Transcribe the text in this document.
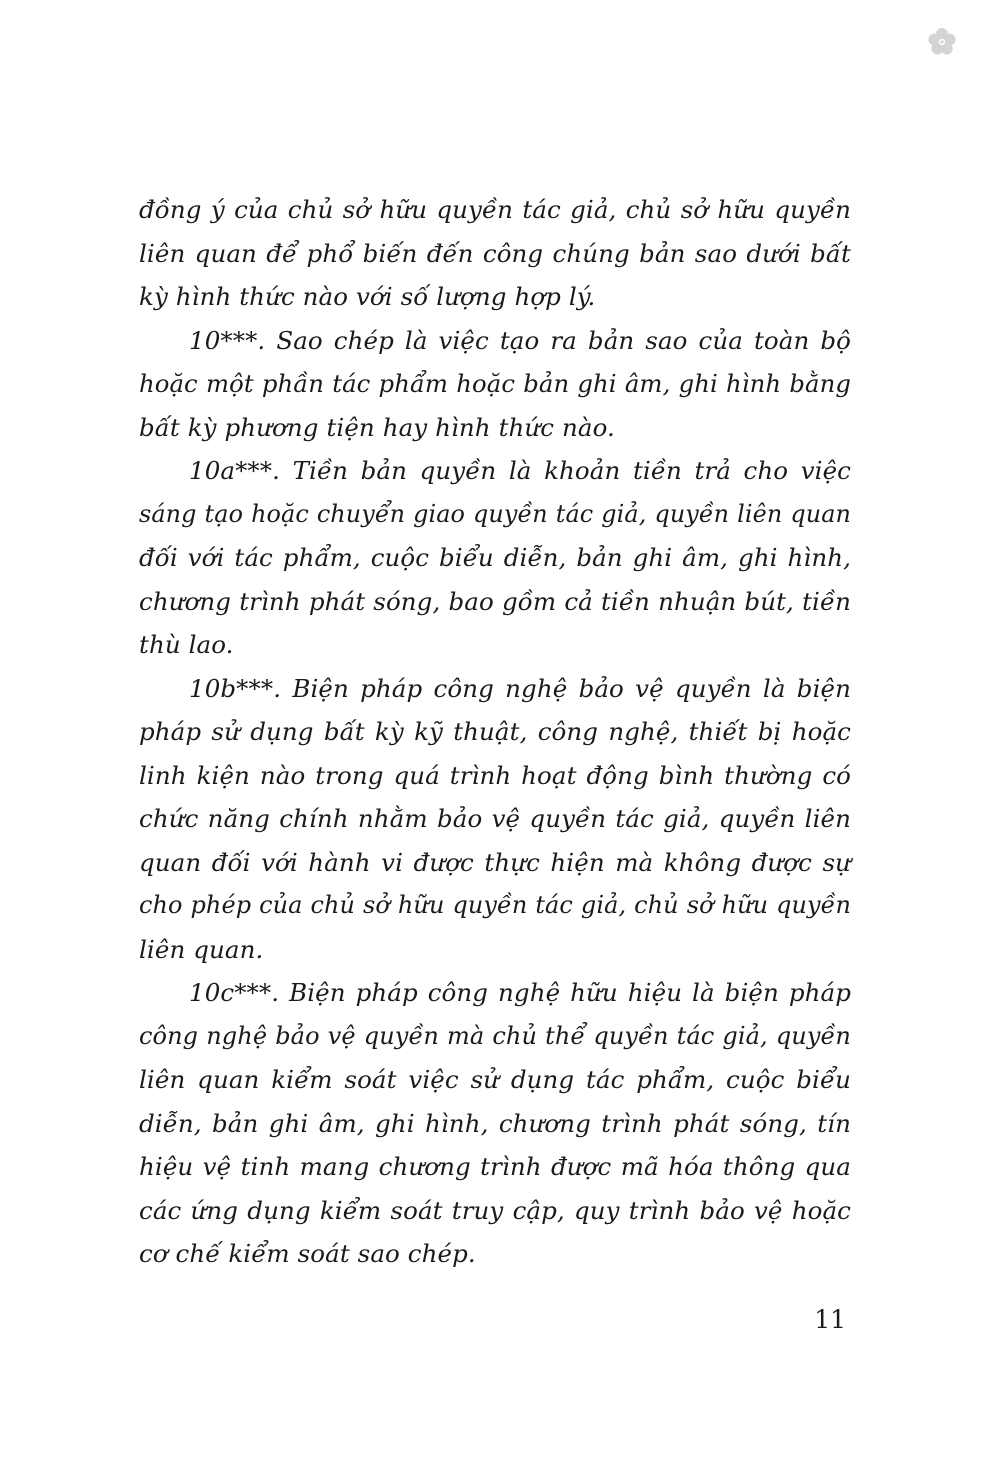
đồng ý của chủ sở hữu quyền tác giả, chủ sở hữu quyền
liên quan để phổ biến đến công chúng bản sao dưới bất
kỳ hình thức nào với số lượng hợp lý.
10***. Sao chép là việc tạo ra bản sao của toàn bộ
hoặc một phần tác phẩm hoặc bản ghi âm, ghi hình bằng
bất kỳ phương tiện hay hình thức nào.
10a***. Tiền bản quyền là khoản tiền trả cho việc
sáng tạo hoặc chuyển giao quyền tác giả, quyền liên quan
đối với tác phẩm, cuộc biểu diễn, bản ghi âm, ghi hình,
chương trình phát sóng, bao gồm cả tiền nhuận bút, tiền
thù lao.
10b***. Biện pháp công nghệ bảo vệ quyền là biện
pháp sử dụng bất kỳ kỹ thuật, công nghệ, thiết bị hoặc
linh kiện nào trong quá trình hoạt động bình thường có
chức năng chính nhằm bảo vệ quyền tác giả, quyền liên
quan đối với hành vi được thực hiện mà không được sự
cho phép của chủ sở hữu quyền tác giả, chủ sở hữu quyền
liên quan.
10c***. Biện pháp công nghệ hữu hiệu là biện pháp
công nghệ bảo vệ quyền mà chủ thể quyền tác giả, quyền
liên quan kiểm soát việc sử dụng tác phẩm, cuộc biểu
diễn, bản ghi âm, ghi hình, chương trình phát sóng, tín
hiệu vệ tinh mang chương trình được mã hóa thông qua
các ứng dụng kiểm soát truy cập, quy trình bảo vệ hoặc
cơ chế kiểm soát sao chép.
11
